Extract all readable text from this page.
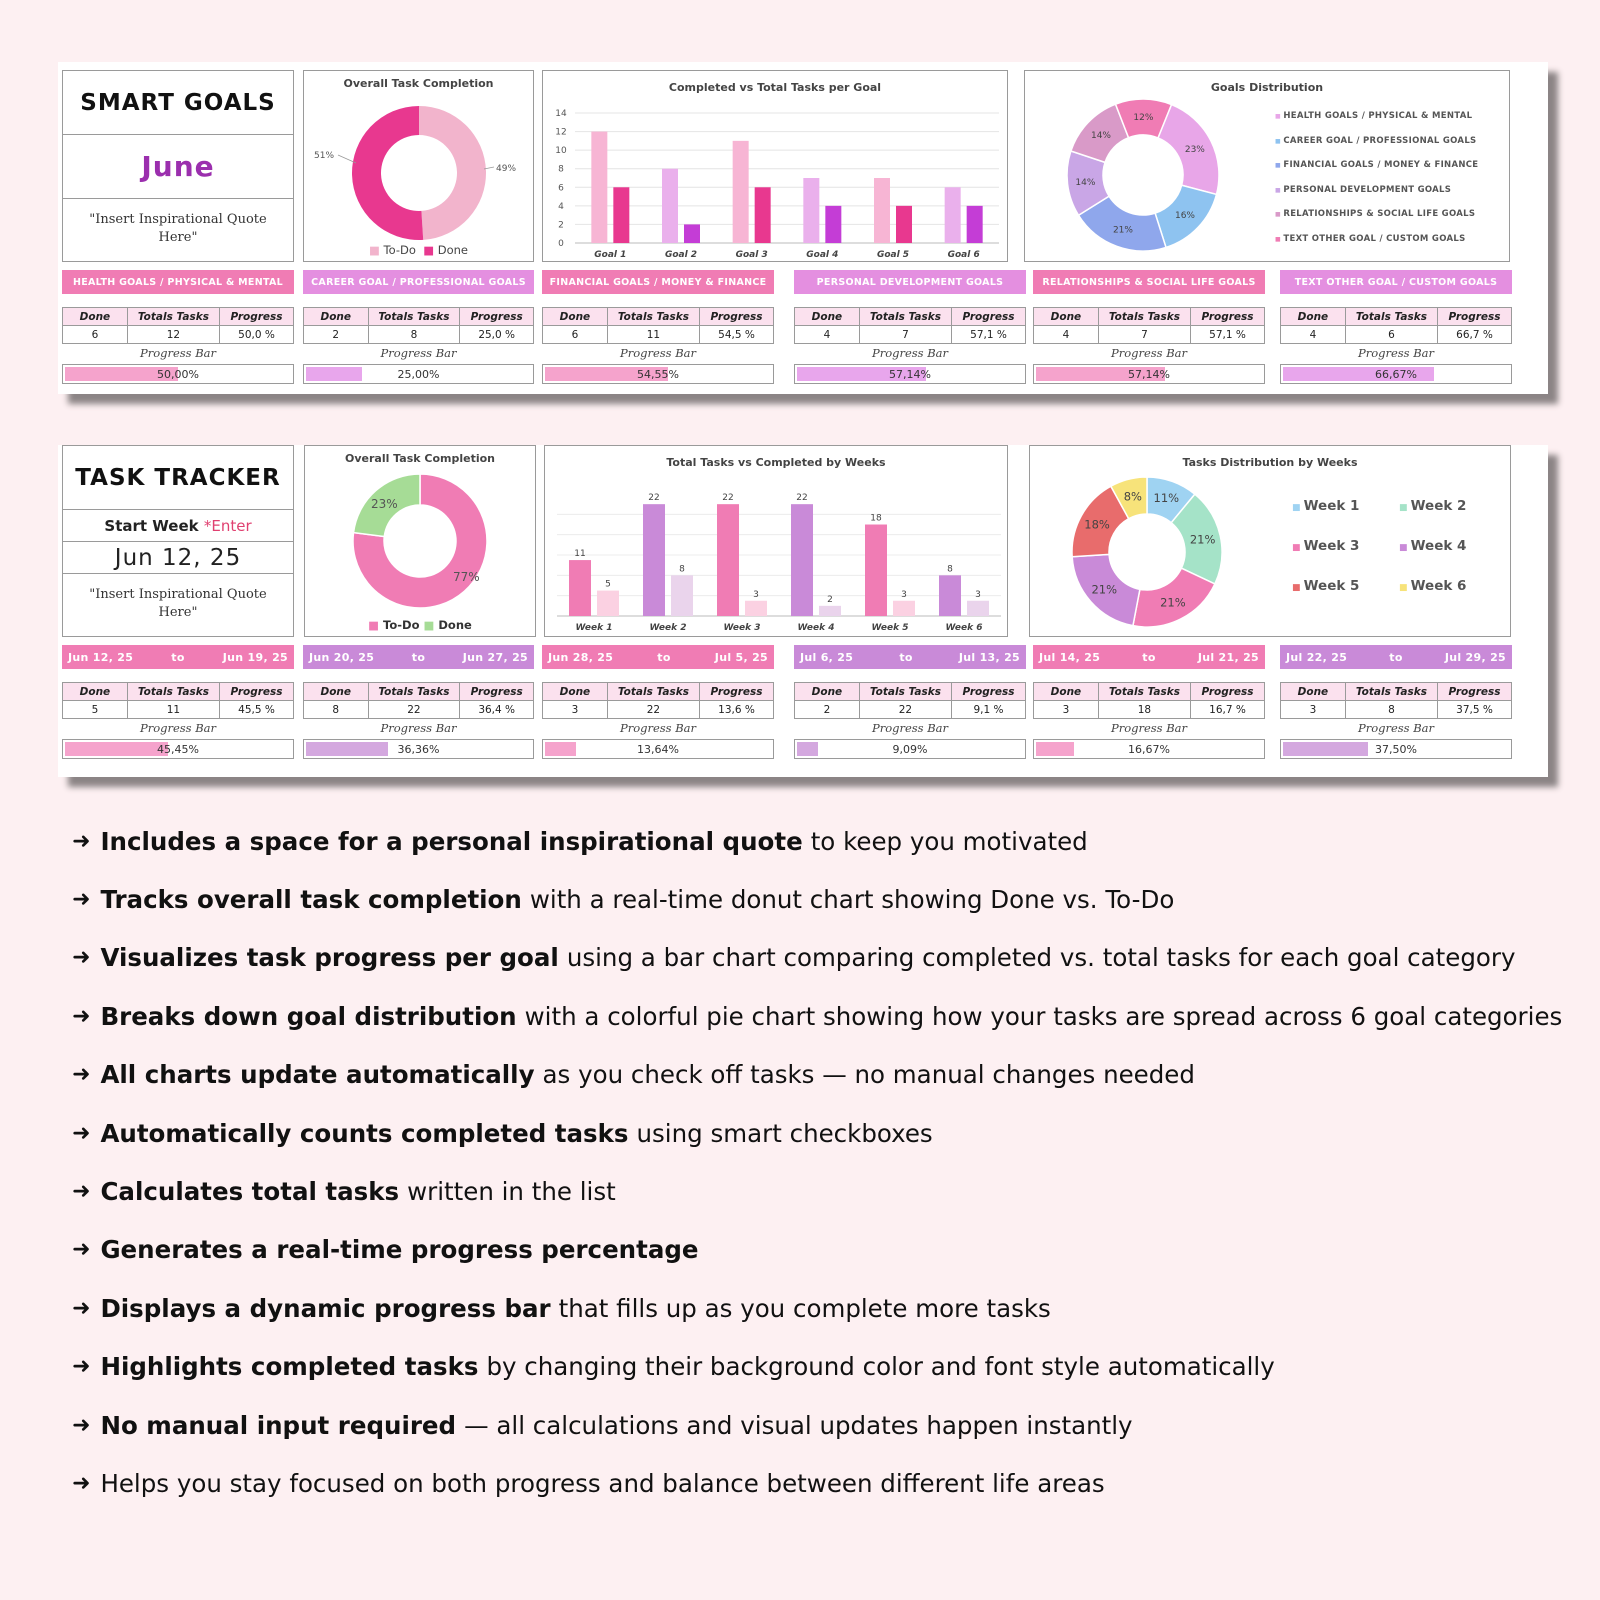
SMART GOALS
June
"Insert Inspirational Quote Here"
Overall Task Completion
49%
51%
■ To-Do ■ Done
Completed vs Total Tasks per Goal
0
2
4
6
8
10
12
14
Goal 1	Goal 2	Goal 3	Goal 4	Goal 5	Goal 6
Goals Distribution
23%
16%
21%
14%
14%
12%	■ HEALTH GOALS / PHYSICAL & MENTAL
■ CAREER GOAL / PROFESSIONAL GOALS
■ FINANCIAL GOALS / MONEY & FINANCE
■ PERSONAL DEVELOPMENT GOALS
■ RELATIONSHIPS & SOCIAL LIFE GOALS
■ TEXT OTHER GOAL / CUSTOM GOALS
HEALTH GOALS / PHYSICAL & MENTAL
Done	Totals Tasks	Progress
6	12	50,0 %
Progress Bar
50,00%
CAREER GOAL / PROFESSIONAL GOALS
Done	Totals Tasks	Progress
2	8	25,0 %
Progress Bar
25,00%
FINANCIAL GOALS / MONEY & FINANCE
Done	Totals Tasks	Progress
6	11	54,5 %
Progress Bar
54,55%
PERSONAL DEVELOPMENT GOALS
Done	Totals Tasks	Progress
4	7	57,1 %
Progress Bar
57,14%
RELATIONSHIPS & SOCIAL LIFE GOALS
Done	Totals Tasks	Progress
4	7	57,1 %
Progress Bar
57,14%
TEXT OTHER GOAL / CUSTOM GOALS
Done	Totals Tasks	Progress
4	6	66,7 %
Progress Bar
66,67%
TASK TRACKER
Start Week *Enter
Jun 12, 25
"Insert Inspirational Quote Here"
Overall Task Completion
77%
23%
■ To-Do ■ Done
Total Tasks vs Completed by Weeks
11
5
Week 1
22
8
Week 2
22
3
Week 3
22
2
Week 4
18
3
Week 5
8
3
Week 6
Tasks Distribution by Weeks
11%
21%
21%
21%
18%
8%
■ Week 1	■ Week 2
■ Week 3	■ Week 4
■ Week 5	■ Week 6
Jun 12, 25	to	Jun 19, 25
Done	Totals Tasks	Progress
5	11	45,5 %
Progress Bar
45,45%
Jun 20, 25	to	Jun 27, 25
Done	Totals Tasks	Progress
8	22	36,4 %
Progress Bar
36,36%
Jun 28, 25	to	Jul 5, 25
Done	Totals Tasks	Progress
3	22	13,6 %
Progress Bar
13,64%
Jul 6, 25	to	Jul 13, 25
Done	Totals Tasks	Progress
2	22	9,1 %
Progress Bar
9,09%
Jul 14, 25	to	Jul 21, 25
Done	Totals Tasks	Progress
3	18	16,7 %
Progress Bar
16,67%
Jul 22, 25	to	Jul 29, 25
Done	Totals Tasks	Progress
3	8	37,5 %
Progress Bar
37,50%
➜ Includes a space for a personal inspirational quote to keep you motivated
➜ Tracks overall task completion with a real-time donut chart showing Done vs. To-Do
➜ Visualizes task progress per goal using a bar chart comparing completed vs. total tasks for each goal category
➜ Breaks down goal distribution with a colorful pie chart showing how your tasks are spread across 6 goal categories
➜ All charts update automatically as you check off tasks — no manual changes needed
➜ Automatically counts completed tasks using smart checkboxes
➜ Calculates total tasks written in the list
➜ Generates a real-time progress percentage
➜ Displays a dynamic progress bar that fills up as you complete more tasks
➜ Highlights completed tasks by changing their background color and font style automatically
➜ No manual input required — all calculations and visual updates happen instantly
➜ Helps you stay focused on both progress and balance between different life areas
